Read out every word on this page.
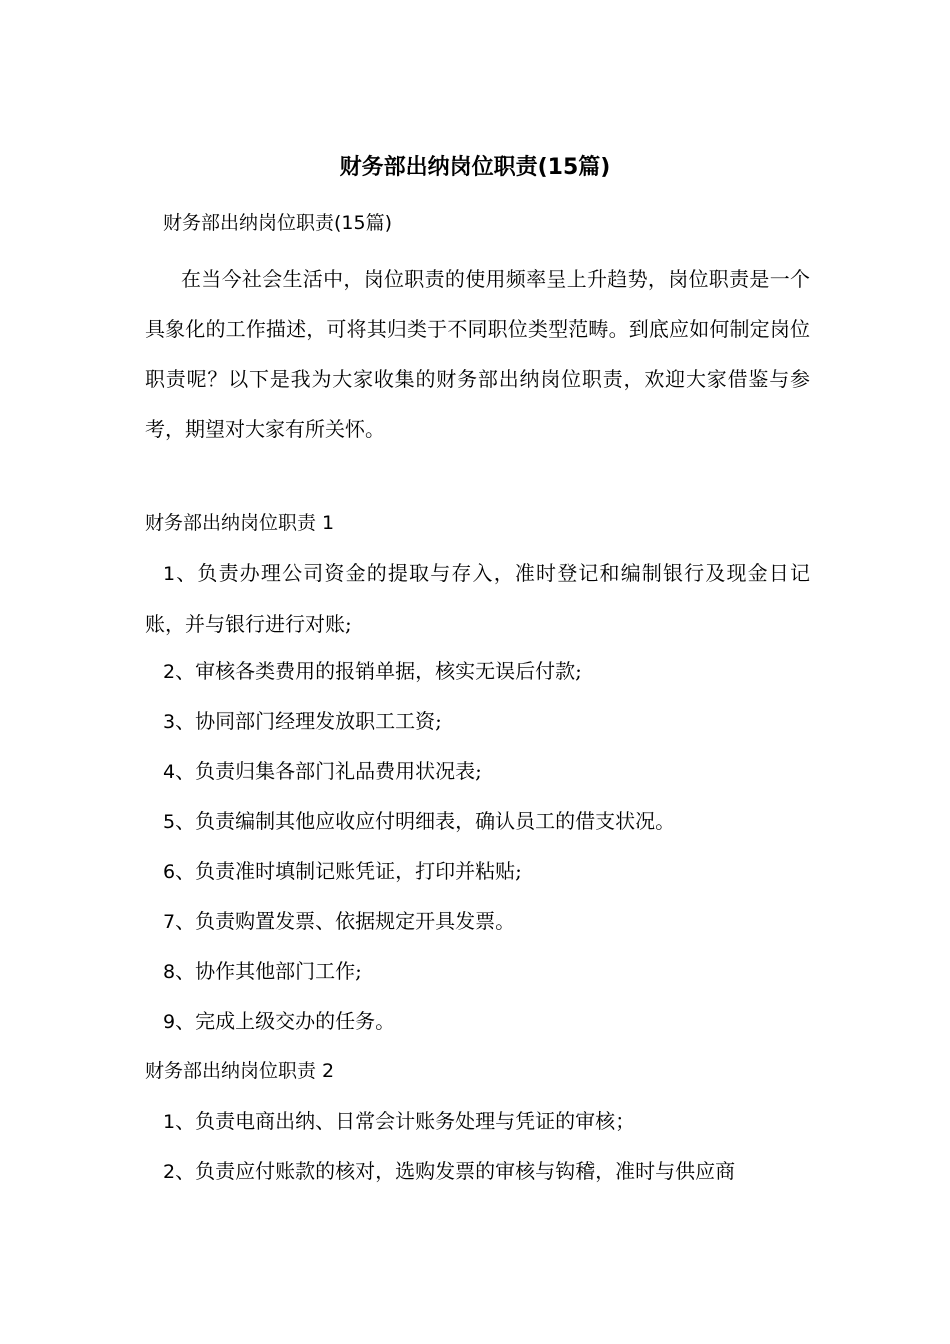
财务部出纳岗位职责(15篇)
财务部出纳岗位职责(15篇)

在当今社会生活中，岗位职责的使用频率呈上升趋势，岗位职责是一个具象化的工作描述，可将其归类于不同职位类型范畴。到底应如何制定岗位职责呢？以下是我为大家收集的财务部出纳岗位职责，欢迎大家借鉴与参考，期望对大家有所关怀。

财务部出纳岗位职责 1

1、负责办理公司资金的提取与存入，准时登记和编制银行及现金日记账，并与银行进行对账;

2、审核各类费用的报销单据，核实无误后付款;

3、协同部门经理发放职工工资;

4、负责归集各部门礼品费用状况表;

5、负责编制其他应收应付明细表，确认员工的借支状况。

6、负责准时填制记账凭证，打印并粘贴;

7、负责购置发票、依据规定开具发票。

8、协作其他部门工作;

9、完成上级交办的任务。

财务部出纳岗位职责 2

1、负责电商出纳、日常会计账务处理与凭证的审核；

2、负责应付账款的核对，选购发票的审核与钩稽，准时与供应商
